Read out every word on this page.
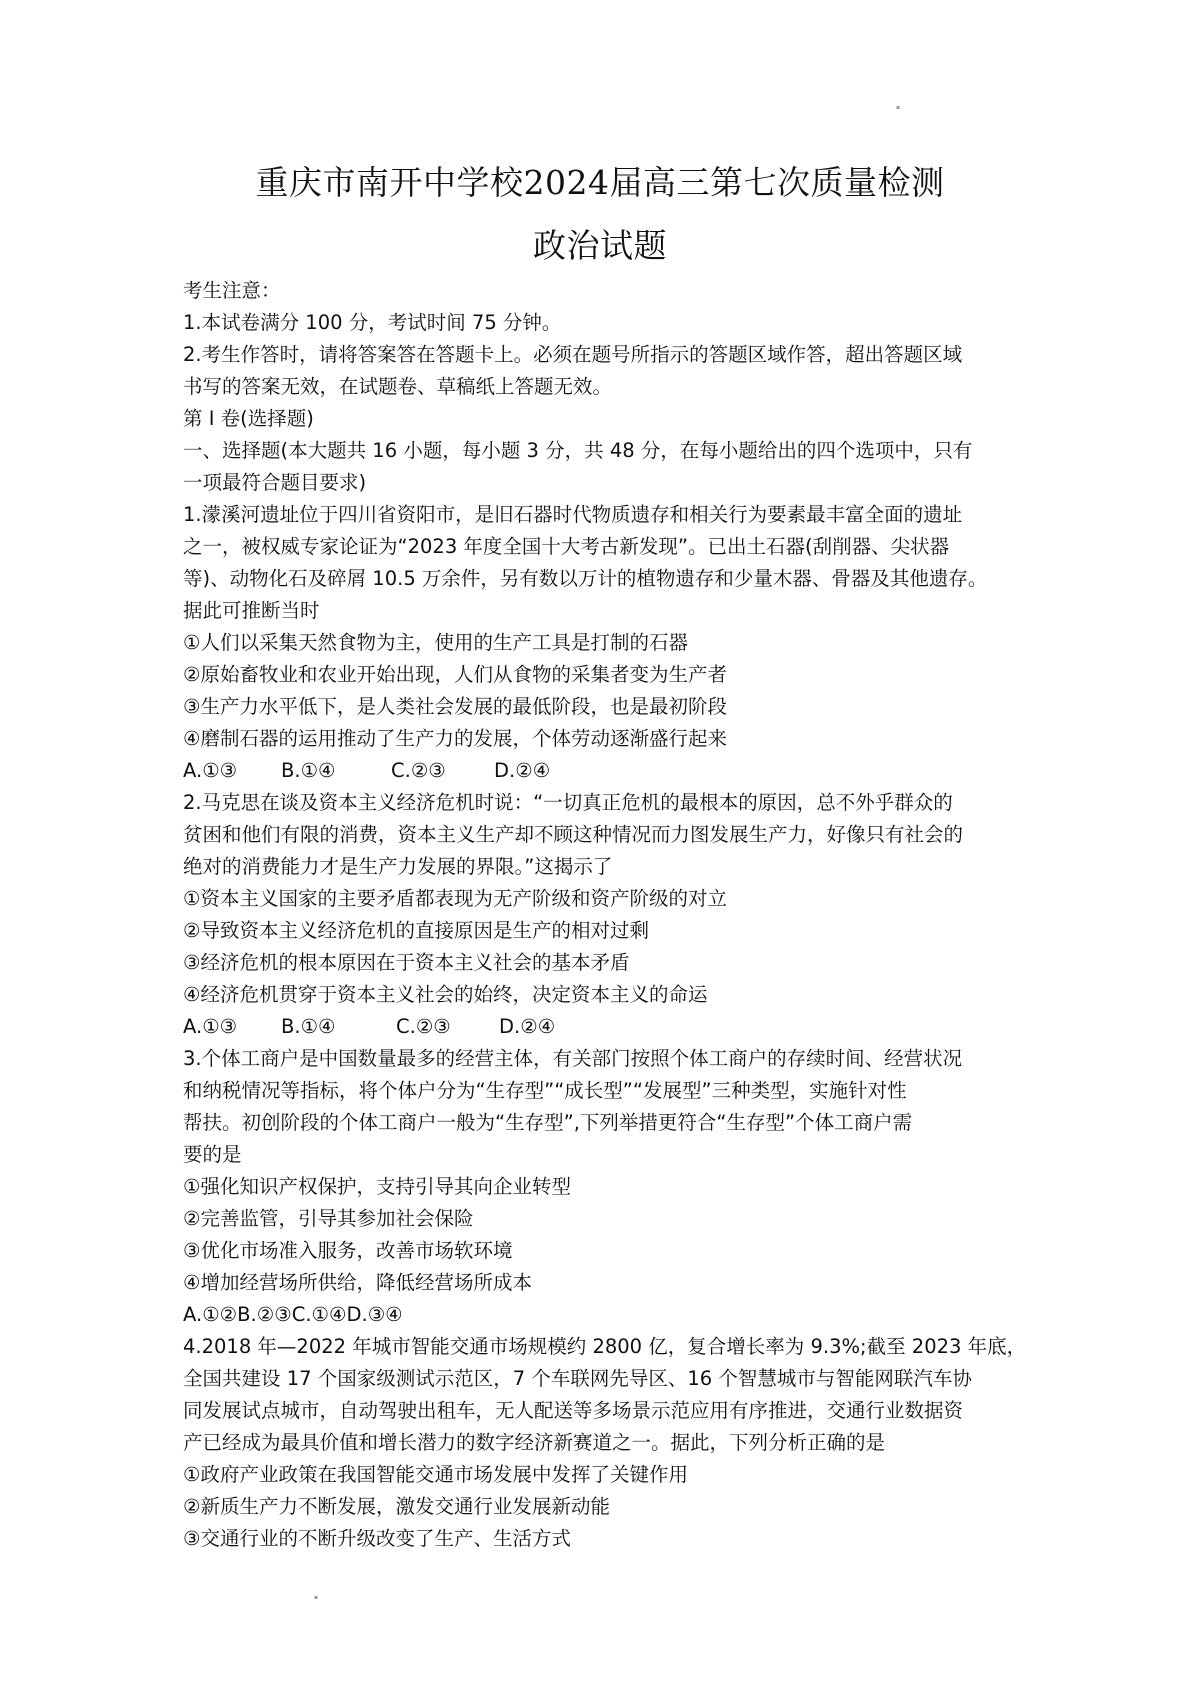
▪
重庆市南开中学校2024届高三第七次质量检测
政治试题
考生注意：
1.本试卷满分 100 分，考试时间 75 分钟。
2.考生作答时，请将答案答在答题卡上。必须在题号所指示的答题区域作答，超出答题区域
书写的答案无效，在试题卷、草稿纸上答题无效。
第 I 卷(选择题)
一、选择题(本大题共 16 小题，每小题 3 分，共 48 分，在每小题给出的四个选项中，只有
一项最符合题目要求)
1.濛溪河遗址位于四川省资阳市，是旧石器时代物质遗存和相关行为要素最丰富全面的遗址
之一，被权威专家论证为“2023 年度全国十大考古新发现”。已出土石器(刮削器、尖状器
等)、动物化石及碎屑 10.5 万余件，另有数以万计的植物遗存和少量木器、骨器及其他遗存。
据此可推断当时
①人们以采集天然食物为主，使用的生产工具是打制的石器
②原始畜牧业和农业开始出现，人们从食物的采集者变为生产者
③生产力水平低下，是人类社会发展的最低阶段，也是最初阶段
④磨制石器的运用推动了生产力的发展，个体劳动逐渐盛行起来
A.①③ B.①④	C.②③ D.②④
2.马克思在谈及资本主义经济危机时说：“一切真正危机的最根本的原因，总不外乎群众的
贫困和他们有限的消费，资本主义生产却不顾这种情况而力图发展生产力，好像只有社会的
绝对的消费能力才是生产力发展的界限。”这揭示了
①资本主义国家的主要矛盾都表现为无产阶级和资产阶级的对立
②导致资本主义经济危机的直接原因是生产的相对过剩
③经济危机的根本原因在于资本主义社会的基本矛盾
④经济危机贯穿于资本主义社会的始终，决定资本主义的命运
A.①③ B.①④	C.②③ D.②④
3.个体工商户是中国数量最多的经营主体，有关部门按照个体工商户的存续时间、经营状况
和纳税情况等指标，将个体户分为“生存型”“成长型”“发展型”三种类型，实施针对性
帮扶。初创阶段的个体工商户一般为“生存型”,下列举措更符合“生存型”个体工商户需
要的是
①强化知识产权保护，支持引导其向企业转型
②完善监管，引导其参加社会保险
③优化市场准入服务，改善市场软环境
④增加经营场所供给，降低经营场所成本
A.①②B.②③C.①④D.③④
4.2018 年—2022 年城市智能交通市场规模约 2800 亿，复合增长率为 9.3%;截至 2023 年底，
全国共建设 17 个国家级测试示范区，7 个车联网先导区、16 个智慧城市与智能网联汽车协
同发展试点城市，自动驾驶出租车，无人配送等多场景示范应用有序推进，交通行业数据资
产已经成为最具价值和增长潜力的数字经济新赛道之一。据此，下列分析正确的是
①政府产业政策在我国智能交通市场发展中发挥了关键作用
②新质生产力不断发展，激发交通行业发展新动能
③交通行业的不断升级改变了生产、生活方式
▪
